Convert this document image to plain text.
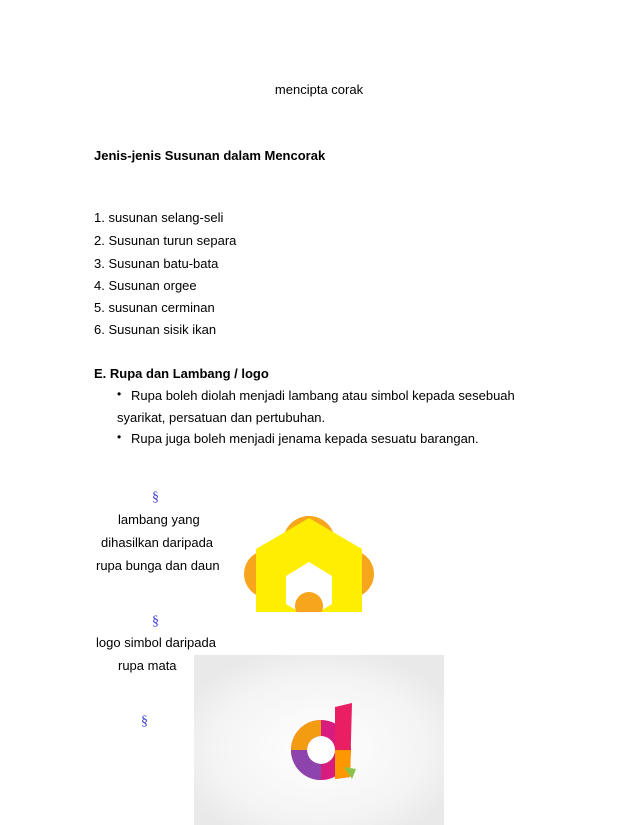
mencipta corak
Jenis-jenis Susunan dalam Mencorak
1. susunan selang-seli
2. Susunan turun separa
3. Susunan batu-bata
4. Susunan orgee
5. susunan cerminan
6. Susunan sisik ikan
E. Rupa dan Lambang / logo
• Rupa boleh diolah menjadi lambang atau simbol kepada sesebuah
syarikat, persatuan dan pertubuhan.
• Rupa juga boleh menjadi jenama kepada sesuatu barangan.
§
lambang yang
dihasilkan daripada
rupa bunga dan daun
§
logo simbol daripada
rupa mata
§
